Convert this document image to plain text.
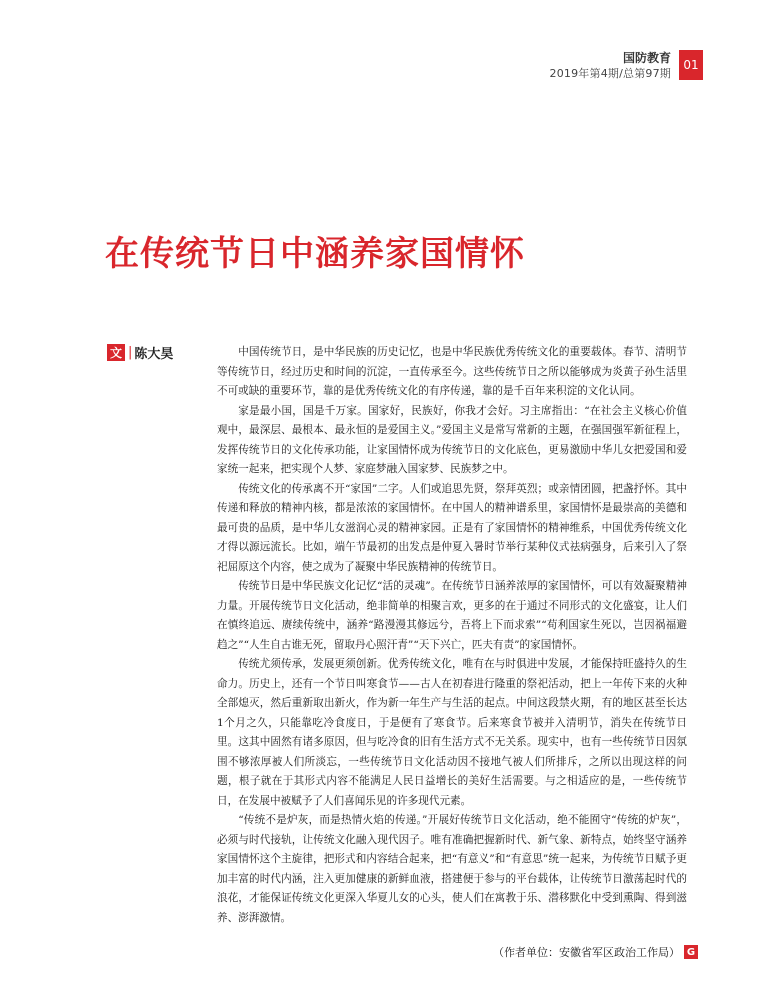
国防教育
2019年第4期/总第97期
01
在传统节日中涵养家国情怀
文 | 陈大昊	中国传统节日，是中华民族的历史记忆，也是中华民族优秀传统文化的重要载体。春节、清明节等传统节日，经过历史和时间的沉淀，一直传承至今。这些传统节日之所以能够成为炎黄子孙生活里不可或缺的重要环节，靠的是优秀传统文化的有序传递，靠的是千百年来积淀的文化认同。

家是最小国，国是千万家。国家好，民族好，你我才会好。习主席指出：“在社会主义核心价值观中，最深层、最根本、最永恒的是爱国主义。”爱国主义是常写常新的主题，在强国强军新征程上，发挥传统节日的文化传承功能，让家国情怀成为传统节日的文化底色，更易激励中华儿女把爱国和爱家统一起来，把实现个人梦、家庭梦融入国家梦、民族梦之中。

传统文化的传承离不开“家国”二字。人们或追思先贤，祭拜英烈；或亲情团圆，把盏抒怀。其中传递和释放的精神内核，都是浓浓的家国情怀。在中国人的精神谱系里，家国情怀是最崇高的美德和最可贵的品质，是中华儿女滋润心灵的精神家园。正是有了家国情怀的精神维系，中国优秀传统文化才得以源远流长。比如，端午节最初的出发点是仲夏入暑时节举行某种仪式祛病强身，后来引入了祭祀屈原这个内容，使之成为了凝聚中华民族精神的传统节日。

传统节日是中华民族文化记忆“活的灵魂”。在传统节日涵养浓厚的家国情怀，可以有效凝聚精神力量。开展传统节日文化活动，绝非简单的相聚言欢，更多的在于通过不同形式的文化盛宴，让人们在慎终追远、赓续传统中，涵养“路漫漫其修远兮，吾将上下而求索”“苟利国家生死以，岂因祸福避趋之”“人生自古谁无死，留取丹心照汗青”“天下兴亡，匹夫有责”的家国情怀。

传统尤须传承，发展更须创新。优秀传统文化，唯有在与时俱进中发展，才能保持旺盛持久的生命力。历史上，还有一个节日叫寒食节——古人在初春进行隆重的祭祀活动，把上一年传下来的火种全部熄灭，然后重新取出新火，作为新一年生产与生活的起点。中间这段禁火期，有的地区甚至长达1个月之久，只能靠吃冷食度日，于是便有了寒食节。后来寒食节被并入清明节，消失在传统节日里。这其中固然有诸多原因，但与吃冷食的旧有生活方式不无关系。现实中，也有一些传统节日因氛围不够浓厚被人们所淡忘，一些传统节日文化活动因不接地气被人们所排斥，之所以出现这样的问题，根子就在于其形式内容不能满足人民日益增长的美好生活需要。与之相适应的是，一些传统节日，在发展中被赋予了人们喜闻乐见的许多现代元素。

“传统不是炉灰，而是热情火焰的传递。”开展好传统节日文化活动，绝不能囿守“传统的炉灰”，必须与时代接轨，让传统文化融入现代因子。唯有准确把握新时代、新气象、新特点，始终坚守涵养家国情怀这个主旋律，把形式和内容结合起来，把“有意义”和“有意思”统一起来，为传统节日赋予更加丰富的时代内涵，注入更加健康的新鲜血液，搭建便于参与的平台载体，让传统节日激荡起时代的浪花，才能保证传统文化更深入华夏儿女的心头，使人们在寓教于乐、潜移默化中受到熏陶、得到滋养、澎湃激情。

（作者单位：安徽省军区政治工作局） G
